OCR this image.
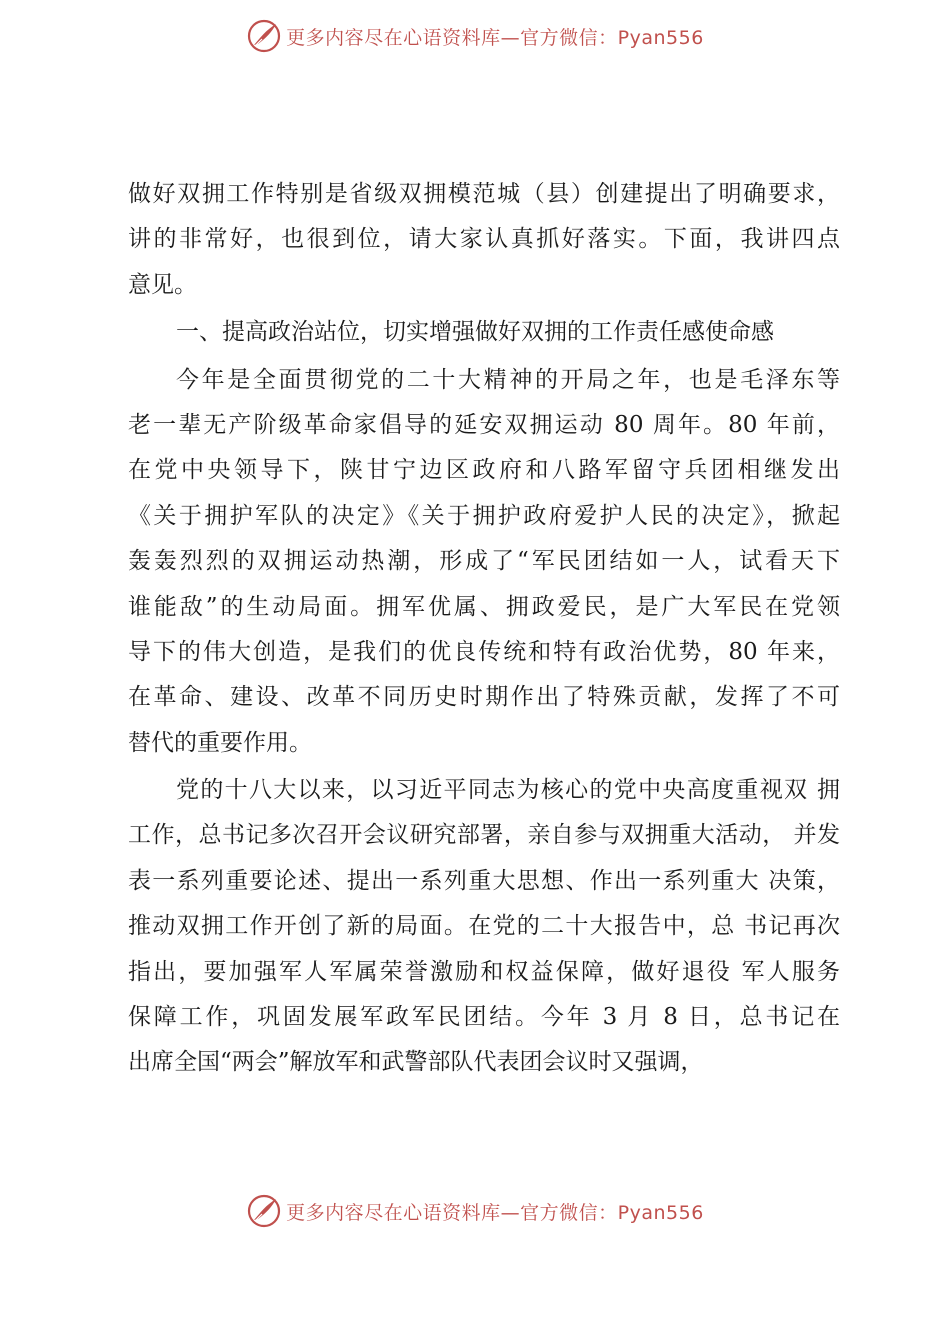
更多内容尽在心语资料库—官方微信：Pyan556
做好双拥工作特别是省级双拥模范城（县）创建提出了明确要求，
讲的非常好，也很到位，请大家认真抓好落实。下面，我讲四点
意见。
一、提高政治站位，切实增强做好双拥的工作责任感使命感
今年是全面贯彻党的二十大精神的开局之年，也是毛泽东等
老一辈无产阶级革命家倡导的延安双拥运动 80 周年。80 年前，
在党中央领导下，陕甘宁边区政府和八路军留守兵团相继发出
《关于拥护军队的决定》《关于拥护政府爱护人民的决定》，掀起
轰轰烈烈的双拥运动热潮，形成了“军民团结如一人，试看天下
谁能敌”的生动局面。拥军优属、拥政爱民，是广大军民在党领
导下的伟大创造，是我们的优良传统和特有政治优势，80 年来，
在革命、建设、改革不同历史时期作出了特殊贡献，发挥了不可
替代的重要作用。
党的十八大以来，以习近平同志为核心的党中央高度重视双 拥
工作，总书记多次召开会议研究部署，亲自参与双拥重大活动， 并发
表一系列重要论述、提出一系列重大思想、作出一系列重大 决策，
推动双拥工作开创了新的局面。在党的二十大报告中，总 书记再次
指出，要加强军人军属荣誉激励和权益保障，做好退役 军人服务
保障工作，巩固发展军政军民团结。今年 3 月 8 日，总书记在
出席全国“两会”解放军和武警部队代表团会议时又强调，
更多内容尽在心语资料库—官方微信：Pyan556
